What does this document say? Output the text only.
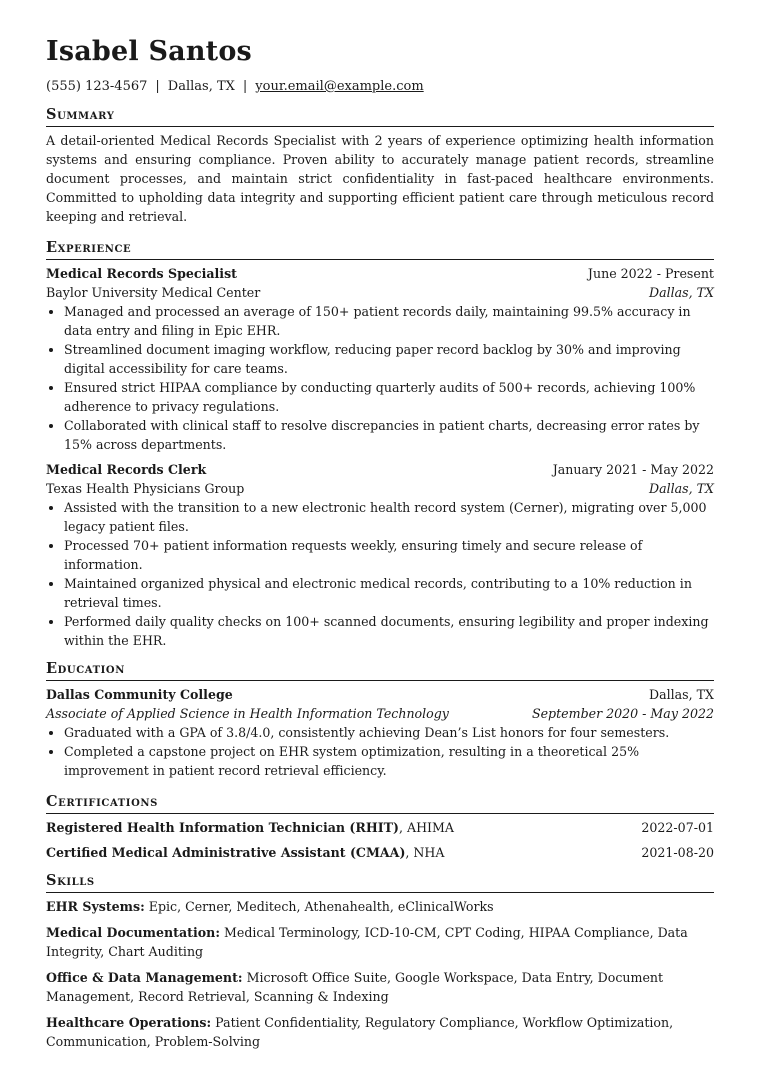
Isabel Santos
(555) 123-4567 | Dallas, TX | your.email@example.com
Summary
A detail-oriented Medical Records Specialist with 2 years of experience optimizing health information systems and ensuring compliance. Proven ability to accurately manage patient records, streamline document processes, and maintain strict confidentiality in fast-paced healthcare environments. Committed to upholding data integrity and supporting efficient patient care through meticulous record keeping and retrieval.
Experience
Medical Records Specialist	June 2022 - Present
Baylor University Medical Center	Dallas, TX
• Managed and processed an average of 150+ patient records daily, maintaining 99.5% accuracy in data entry and filing in Epic EHR.
• Streamlined document imaging workflow, reducing paper record backlog by 30% and improving digital accessibility for care teams.
• Ensured strict HIPAA compliance by conducting quarterly audits of 500+ records, achieving 100% adherence to privacy regulations.
• Collaborated with clinical staff to resolve discrepancies in patient charts, decreasing error rates by 15% across departments.
Medical Records Clerk	January 2021 - May 2022
Texas Health Physicians Group	Dallas, TX
• Assisted with the transition to a new electronic health record system (Cerner), migrating over 5,000 legacy patient files.
• Processed 70+ patient information requests weekly, ensuring timely and secure release of information.
• Maintained organized physical and electronic medical records, contributing to a 10% reduction in retrieval times.
• Performed daily quality checks on 100+ scanned documents, ensuring legibility and proper indexing within the EHR.
Education
Dallas Community College	Dallas, TX
Associate of Applied Science in Health Information Technology	September 2020 - May 2022
• Graduated with a GPA of 3.8/4.0, consistently achieving Dean’s List honors for four semesters.
• Completed a capstone project on EHR system optimization, resulting in a theoretical 25% improvement in patient record retrieval efficiency.
Certifications
Registered Health Information Technician (RHIT), AHIMA	2022-07-01
Certified Medical Administrative Assistant (CMAA), NHA	2021-08-20
Skills
EHR Systems: Epic, Cerner, Meditech, Athenahealth, eClinicalWorks
Medical Documentation: Medical Terminology, ICD-10-CM, CPT Coding, HIPAA Compliance, Data Integrity, Chart Auditing
Office & Data Management: Microsoft Office Suite, Google Workspace, Data Entry, Document Management, Record Retrieval, Scanning & Indexing
Healthcare Operations: Patient Confidentiality, Regulatory Compliance, Workflow Optimization, Communication, Problem-Solving
